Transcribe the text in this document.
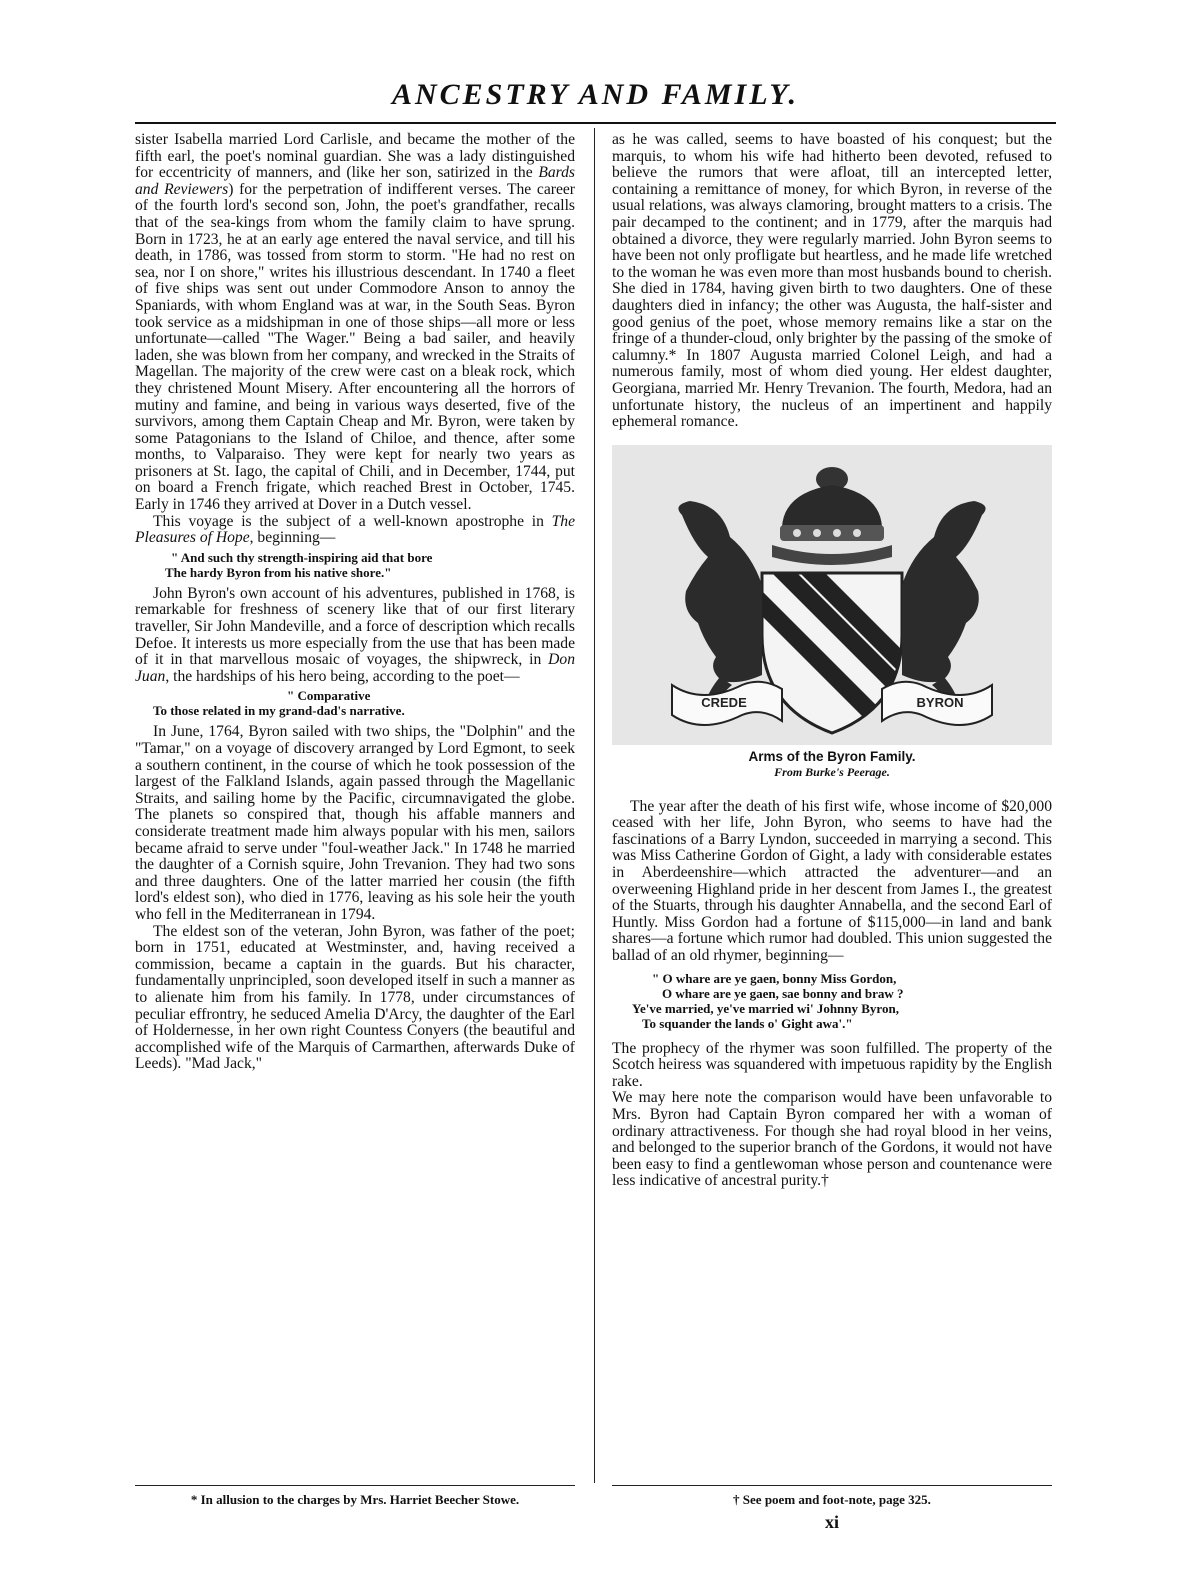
ANCESTRY AND FAMILY.

sister Isabella married Lord Carlisle, and became the mother of the fifth earl, the poet's nominal guardian. She was a lady distinguished for eccentricity of manners, and (like her son, satirized in the Bards and Reviewers) for the perpetration of indifferent verses. The career of the fourth lord's second son, John, the poet's grandfather, recalls that of the sea-kings from whom the family claim to have sprung. Born in 1723, he at an early age entered the naval service, and till his death, in 1786, was tossed from storm to storm. "He had no rest on sea, nor I on shore," writes his illustrious descendant. In 1740 a fleet of five ships was sent out under Commodore Anson to annoy the Spaniards, with whom England was at war, in the South Seas. Byron took service as a midshipman in one of those ships—all more or less unfortunate—called "The Wager." Being a bad sailer, and heavily laden, she was blown from her company, and wrecked in the Straits of Magellan. The majority of the crew were cast on a bleak rock, which they christened Mount Misery. After encountering all the horrors of mutiny and famine, and being in various ways deserted, five of the survivors, among them Captain Cheap and Mr. Byron, were taken by some Patagonians to the Island of Chiloe, and thence, after some months, to Valparaiso. They were kept for nearly two years as prisoners at St. Iago, the capital of Chili, and in December, 1744, put on board a French frigate, which reached Brest in October, 1745. Early in 1746 they arrived at Dover in a Dutch vessel.

This voyage is the subject of a well-known apostrophe in The Pleasures of Hope, beginning—

" And such thy strength-inspiring aid that bore
The hardy Byron from his native shore."

John Byron's own account of his adventures, published in 1768, is remarkable for freshness of scenery like that of our first literary traveller, Sir John Mandeville, and a force of description which recalls Defoe. It interests us more especially from the use that has been made of it in that marvellous mosaic of voyages, the shipwreck, in Don Juan, the hardships of his hero being, according to the poet—

" Comparative
To those related in my grand-dad's narrative.

In June, 1764, Byron sailed with two ships, the "Dolphin" and the "Tamar," on a voyage of discovery arranged by Lord Egmont, to seek a southern continent, in the course of which he took possession of the largest of the Falkland Islands, again passed through the Magellanic Straits, and sailing home by the Pacific, circumnavigated the globe. The planets so conspired that, though his affable manners and considerate treatment made him always popular with his men, sailors became afraid to serve under "foul-weather Jack." In 1748 he married the daughter of a Cornish squire, John Trevanion. They had two sons and three daughters. One of the latter married her cousin (the fifth lord's eldest son), who died in 1776, leaving as his sole heir the youth who fell in the Mediterranean in 1794.

The eldest son of the veteran, John Byron, was father of the poet; born in 1751, educated at Westminster, and, having received a commission, became a captain in the guards. But his character, fundamentally unprincipled, soon developed itself in such a manner as to alienate him from his family. In 1778, under circumstances of peculiar effrontry, he seduced Amelia D'Arcy, the daughter of the Earl of Holdernesse, in her own right Countess Conyers (the beautiful and accomplished wife of the Marquis of Carmarthen, afterwards Duke of Leeds). "Mad Jack,"

as he was called, seems to have boasted of his conquest; but the marquis, to whom his wife had hitherto been devoted, refused to believe the rumors that were afloat, till an intercepted letter, containing a remittance of money, for which Byron, in reverse of the usual relations, was always clamoring, brought matters to a crisis. The pair decamped to the continent; and in 1779, after the marquis had obtained a divorce, they were regularly married. John Byron seems to have been not only profligate but heartless, and he made life wretched to the woman he was even more than most husbands bound to cherish. She died in 1784, having given birth to two daughters. One of these daughters died in infancy; the other was Augusta, the half-sister and good genius of the poet, whose memory remains like a star on the fringe of a thunder-cloud, only brighter by the passing of the smoke of calumny.* In 1807 Augusta married Colonel Leigh, and had a numerous family, most of whom died young. Her eldest daughter, Georgiana, married Mr. Henry Trevanion. The fourth, Medora, had an unfortunate history, the nucleus of an impertinent and happily ephemeral romance.

CREDE	BYRON
Arms of the Byron Family.
From Burke's Peerage.

The year after the death of his first wife, whose income of $20,000 ceased with her life, John Byron, who seems to have had the fascinations of a Barry Lyndon, succeeded in marrying a second. This was Miss Catherine Gordon of Gight, a lady with considerable estates in Aberdeenshire—which attracted the adventurer—and an overweening Highland pride in her descent from James I., the greatest of the Stuarts, through his daughter Annabella, and the second Earl of Huntly. Miss Gordon had a fortune of $115,000—in land and bank shares—a fortune which rumor had doubled. This union suggested the ballad of an old rhymer, beginning—

" O whare are ye gaen, bonny Miss Gordon,
O whare are ye gaen, sae bonny and braw ?
Ye've married, ye've married wi' Johnny Byron,
To squander the lands o' Gight awa'."

The prophecy of the rhymer was soon fulfilled. The property of the Scotch heiress was squandered with impetuous rapidity by the English rake.

We may here note the comparison would have been unfavorable to Mrs. Byron had Captain Byron compared her with a woman of ordinary attractiveness. For though she had royal blood in her veins, and belonged to the superior branch of the Gordons, it would not have been easy to find a gentlewoman whose person and countenance were less indicative of ancestral purity.†

* In allusion to the charges by Mrs. Harriet Beecher Stowe.	† See poem and foot-note, page 325.
xi
